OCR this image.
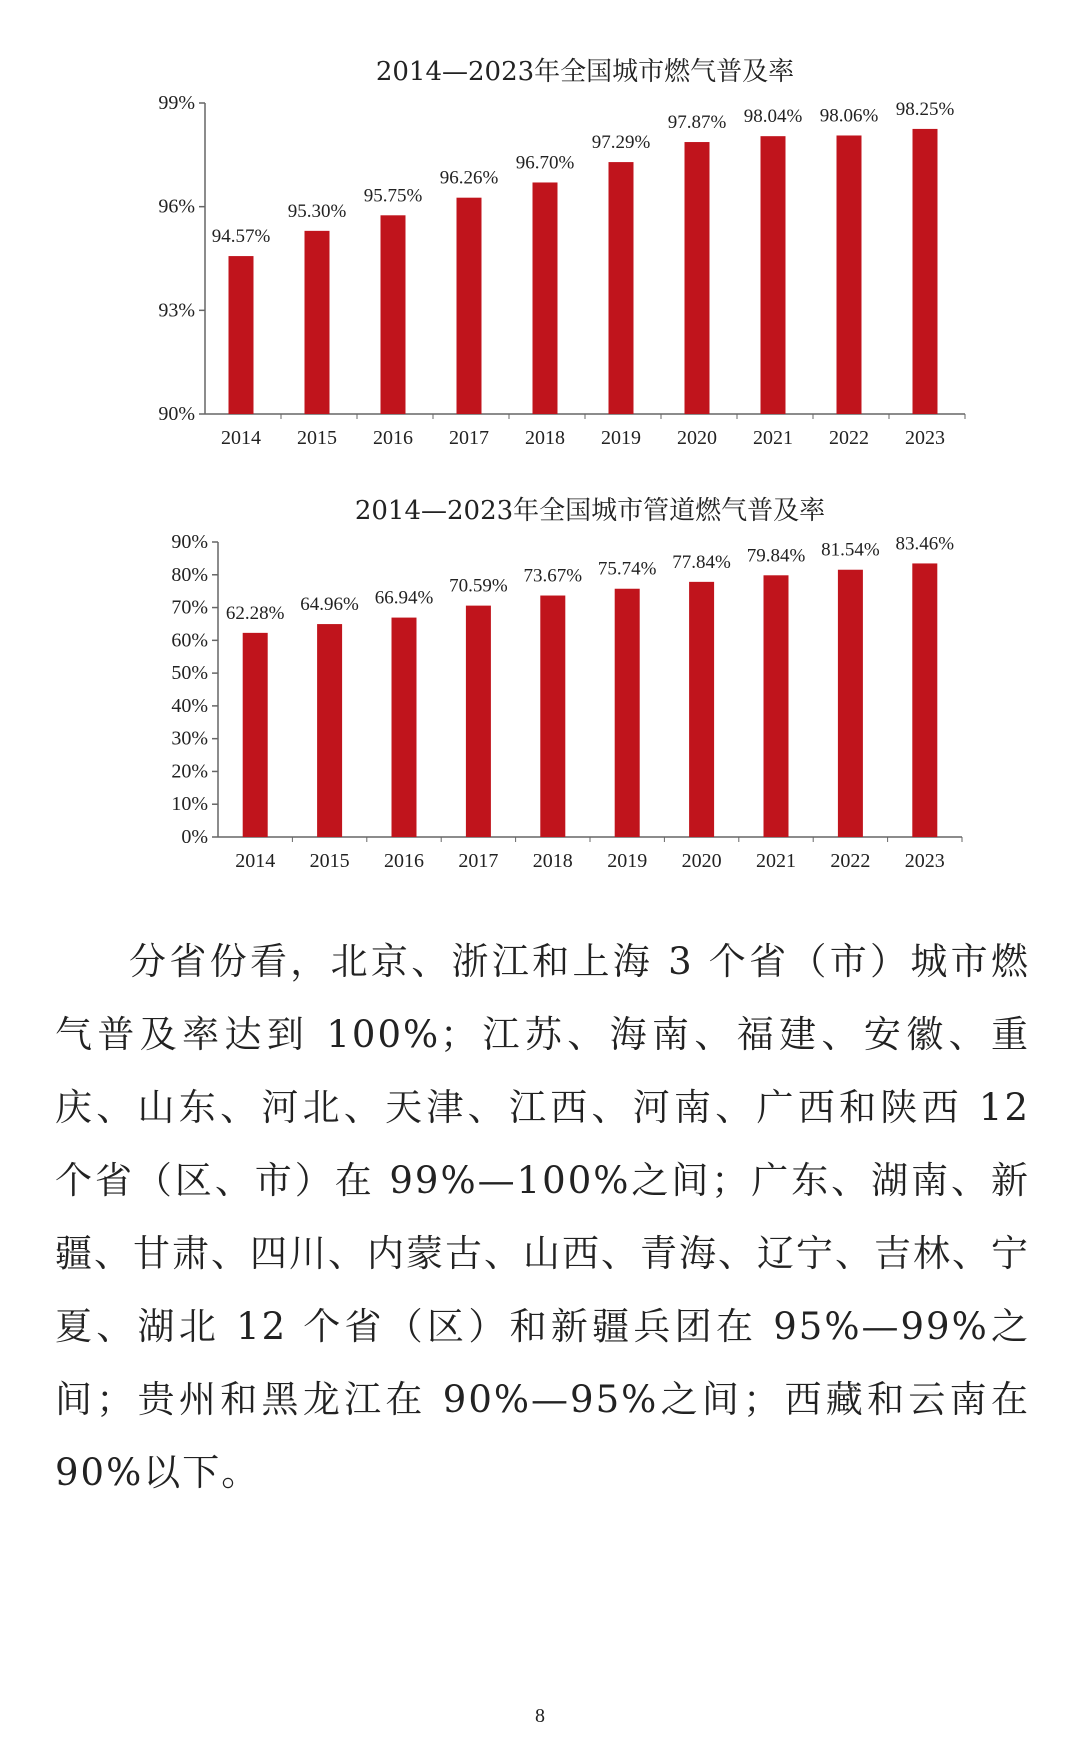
2014—2023年全国城市燃气普及率
90%
93%
96%
99%
94.57%
2014
95.30%
2015
95.75%
2016
96.26%
2017
96.70%
2018
97.29%
2019
97.87%
2020
98.04%
2021
98.06%
2022
98.25%
2023
2014—2023年全国城市管道燃气普及率
0%
10%
20%
30%
40%
50%
60%
70%
80%
90%
62.28%
2014
64.96%
2015
66.94%
2016
70.59%
2017
73.67%
2018
75.74%
2019
77.84%
2020
79.84%
2021
81.54%
2022
83.46%
2023

分省份看，北京、浙江和上海 3 个省（市）城市燃气普及率达到 100%；江苏、海南、福建、安徽、重庆、山东、河北、天津、江西、河南、广西和陕西 12 个省（区、市）在 99%—100%之间；广东、湖南、新疆、甘肃、四川、内蒙古、山西、青海、辽宁、吉林、宁夏、湖北 12 个省（区）和新疆兵团在 95%—99%之间；贵州和黑龙江在 90%—95%之间；西藏和云南在 90%以下。

8
